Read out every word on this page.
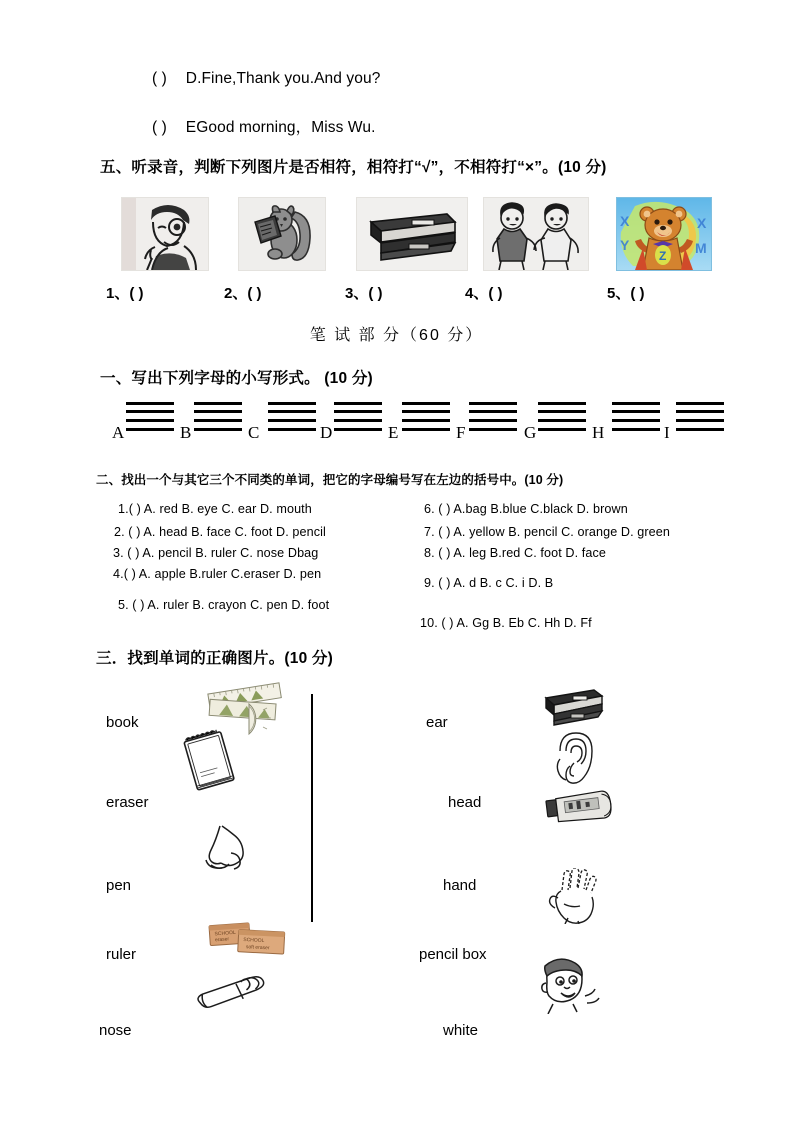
( ) D.Fine,Thank you.And you?
( ) EGood morning，Miss Wu.
五、听录音，判断下列图片是否相符，相符打“√”，不相符打“×”。(10 分)
X
Y
X
M
Z
1、( )	2、( )	3、( )	4、( )	5、( )
笔 试 部 分（60 分）
一、写出下列字母的小写形式。 (10 分)
A	B	C	D	E	F	G	H	I
二、找出一个与其它三个不同类的单词，把它的字母编号写在左边的括号中。(10 分)
1.( ) A. red B. eye C. ear D. mouth
2. ( ) A. head B. face C. foot D. pencil
3. ( ) A. pencil B. ruler C. nose Dbag
4.( ) A. apple B.ruler C.eraser D. pen
5. ( ) A. ruler B. crayon C. pen D. foot
6. ( ) A.bag B.blue C.black D. brown
7. ( ) A. yellow B. pencil C. orange D. green
8. ( ) A. leg B.red C. foot D. face
9. ( ) A. d B. c C. i D. B
10. ( ) A. Gg B. Eb C. Hh D. Ff
三．找到单词的正确图片。(10 分)
book
eraser
pen
ruler
nose
ear
head
hand
pencil box
white
SCHOOL
eraser	SCHOOL
soft eraser
